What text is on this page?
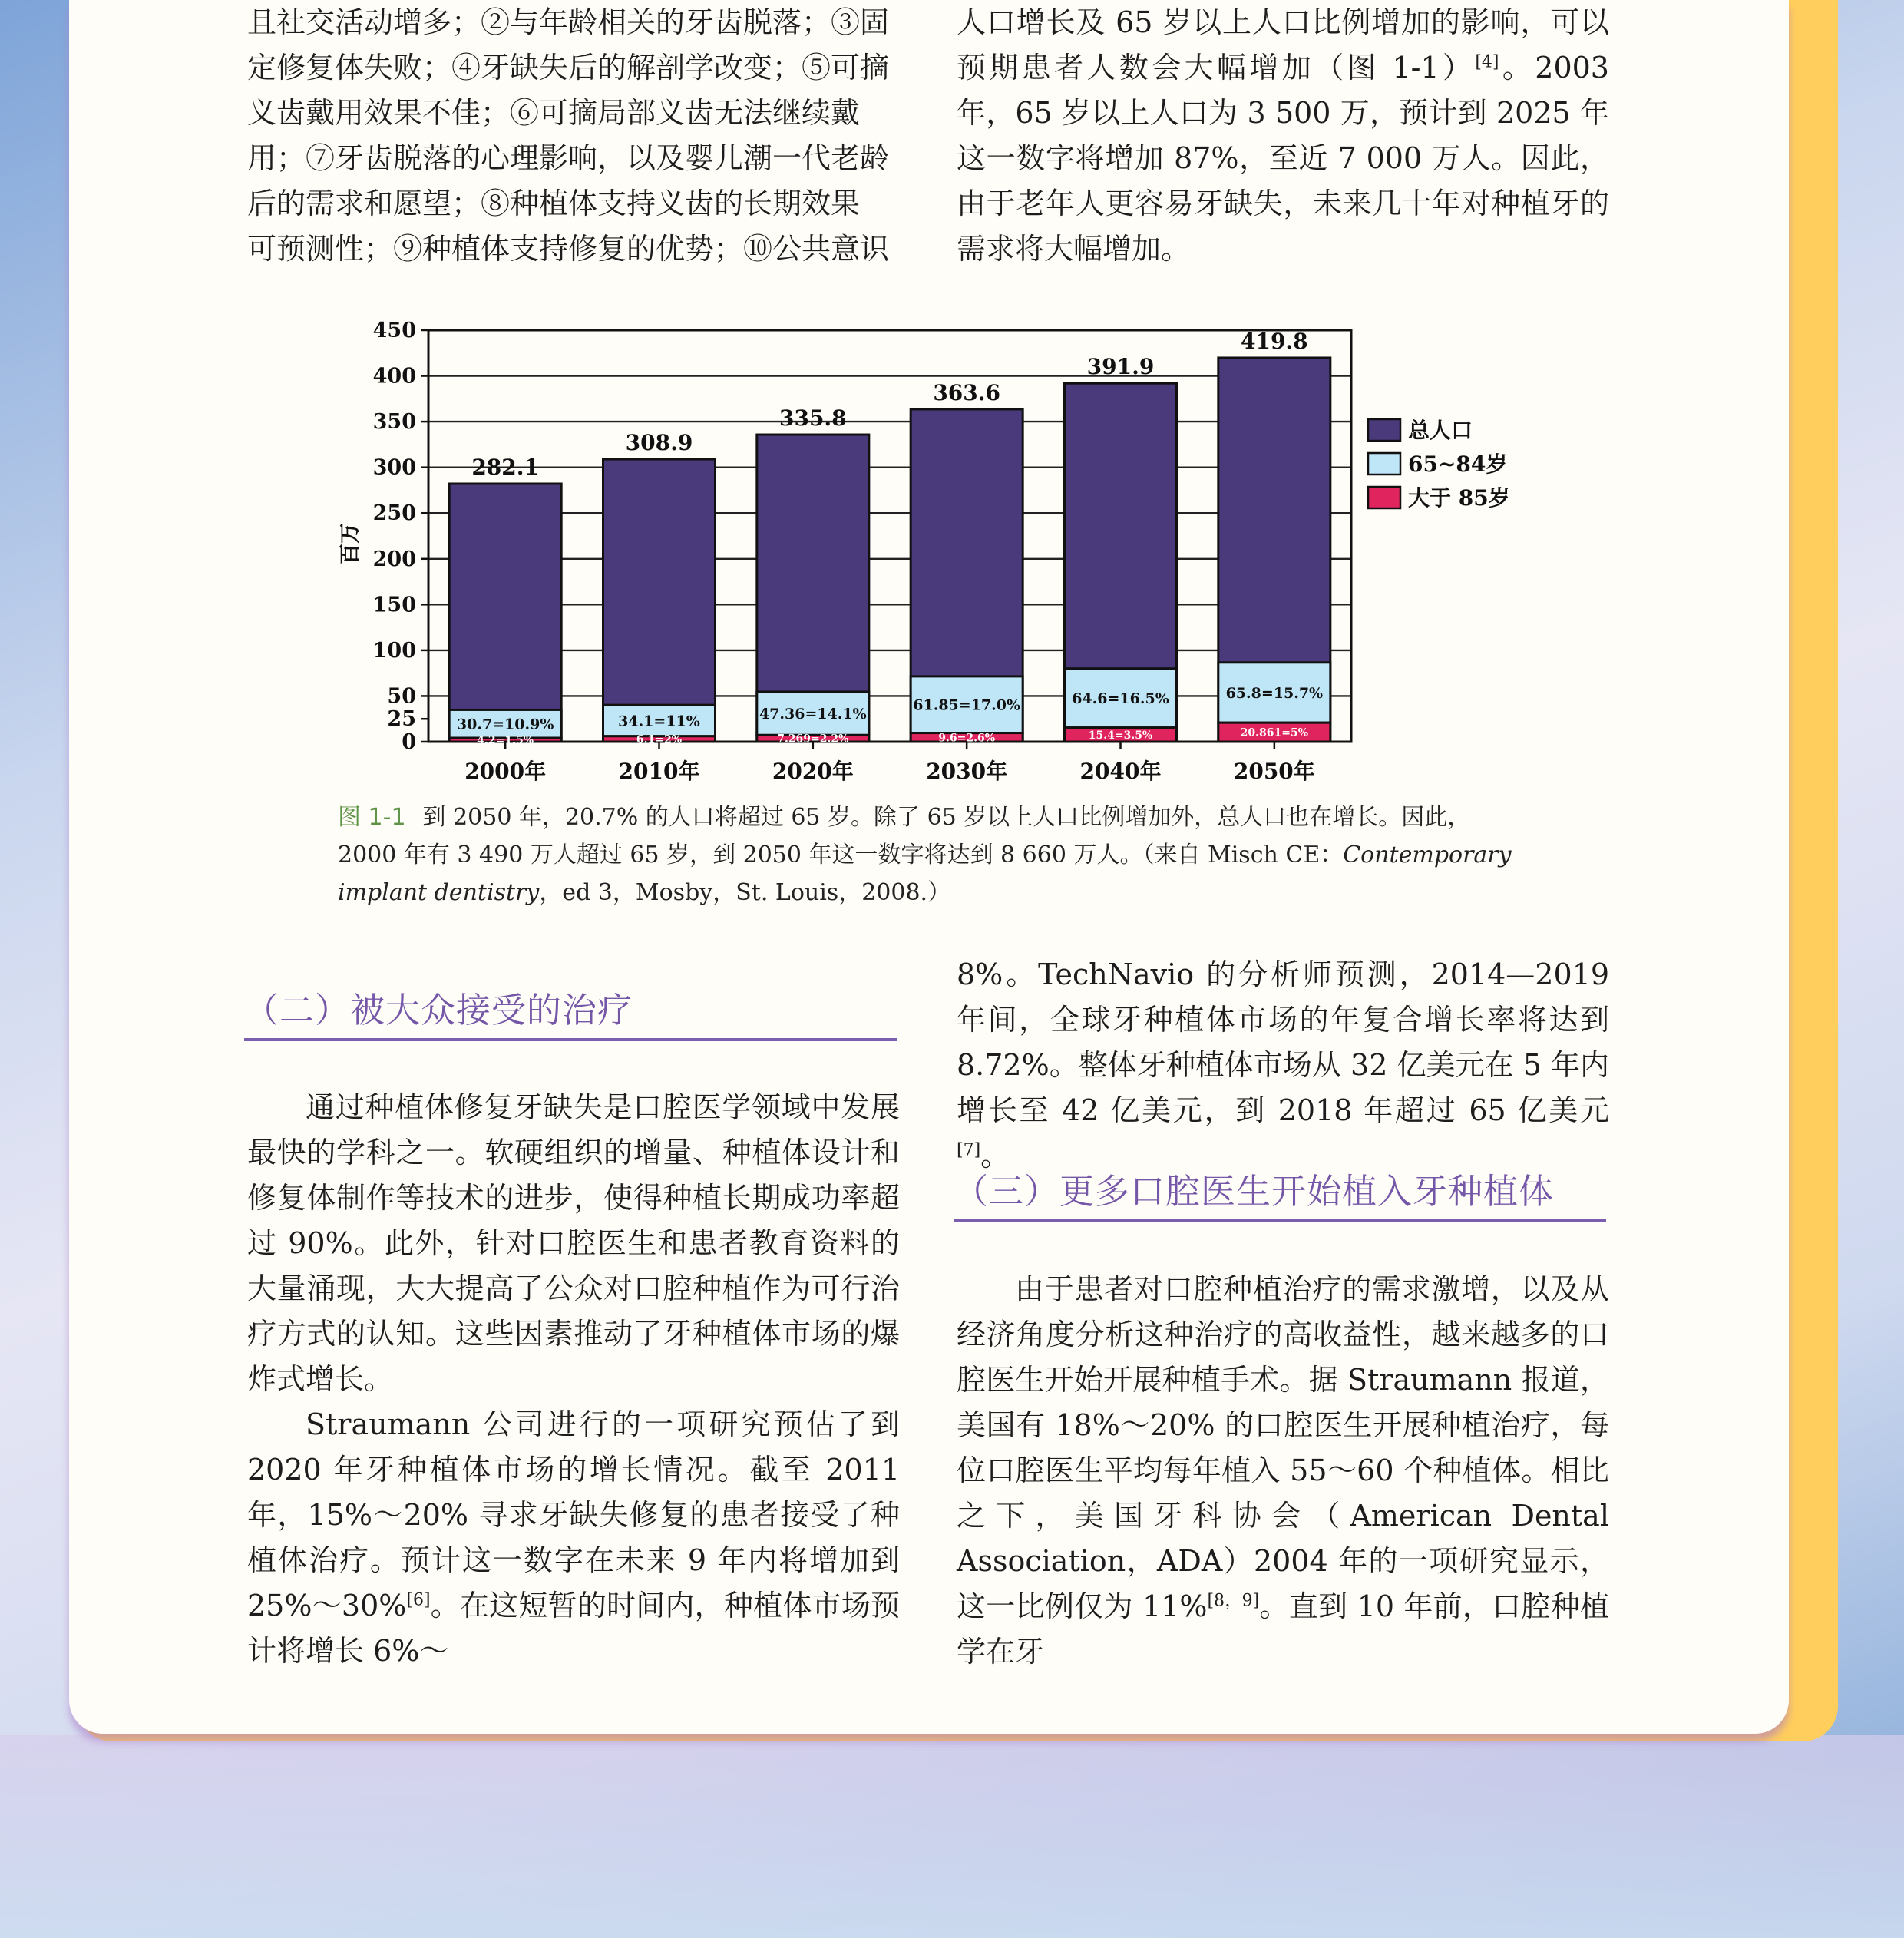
且社交活动增多；②与年龄相关的牙齿脱落；③固

定修复体失败；④牙缺失后的解剖学改变；⑤可摘

义齿戴用效果不佳；⑥可摘局部义齿无法继续戴

用；⑦牙齿脱落的心理影响，以及婴儿潮一代老龄

后的需求和愿望；⑧种植体支持义齿的长期效果

可预测性；⑨种植体支持修复的优势；⑩公共意识

人口增长及 65 岁以上人口比例增加的影响，可以预期患者人数会大幅增加（图 1-1）[4]。2003 年，65 岁以上人口为 3 500 万，预计到 2025 年这一数字将增加 87%，至近 7 000 万人。因此，由于老年人更容易牙缺失，未来几十年对种植牙的需求将大幅增加。

0
25
50
100
150
200
250
300
350
400
450
百万
282.1
30.7=10.9%
4.2=1.5%
2000年
308.9
34.1=11%
6.1=2%
2010年
335.8
47.36=14.1%
7.269=2.2%
2020年
363.6
61.85=17.0%
9.6=2.6%
2030年
391.9
64.6=16.5%
15.4=3.5%
2040年
419.8
65.8=15.7%
20.861=5%
2050年
总人口
65~84岁
大于 85岁
图 1-1 到 2050 年，20.7% 的人口将超过 65 岁。除了 65 岁以上人口比例增加外，总人口也在增长。因此，2000 年有 3 490 万人超过 65 岁，到 2050 年这一数字将达到 8 660 万人。（来自 Misch CE：Contemporary implant dentistry，ed 3，Mosby，St. Louis，2008.）
（二）被大众接受的治疗

通过种植体修复牙缺失是口腔医学领域中发展最快的学科之一。软硬组织的增量、种植体设计和修复体制作等技术的进步，使得种植长期成功率超过 90%。此外，针对口腔医生和患者教育资料的大量涌现，大大提高了公众对口腔种植作为可行治疗方式的认知。这些因素推动了牙种植体市场的爆炸式增长。

Straumann 公司进行的一项研究预估了到 2020 年牙种植体市场的增长情况。截至 2011 年，15%～20% 寻求牙缺失修复的患者接受了种植体治疗。预计这一数字在未来 9 年内将增加到 25%～30%[6]。在这短暂的时间内，种植体市场预计将增长 6%～

8%。TechNavio 的分析师预测，2014—2019 年间，全球牙种植体市场的年复合增长率将达到 8.72%。整体牙种植体市场从 32 亿美元在 5 年内增长至 42 亿美元，到 2018 年超过 65 亿美元[7]。

（三）更多口腔医生开始植入牙种植体

由于患者对口腔种植治疗的需求激增，以及从经济角度分析这种治疗的高收益性，越来越多的口腔医生开始开展种植手术。据 Straumann 报道，美国有 18%～20% 的口腔医生开展种植治疗，每位口腔医生平均每年植入 55～60 个种植体。相比之下，美国牙科协会（American Dental Association，ADA）2004 年的一项研究显示，这一比例仅为 11%[8，9]。直到 10 年前，口腔种植学在牙
